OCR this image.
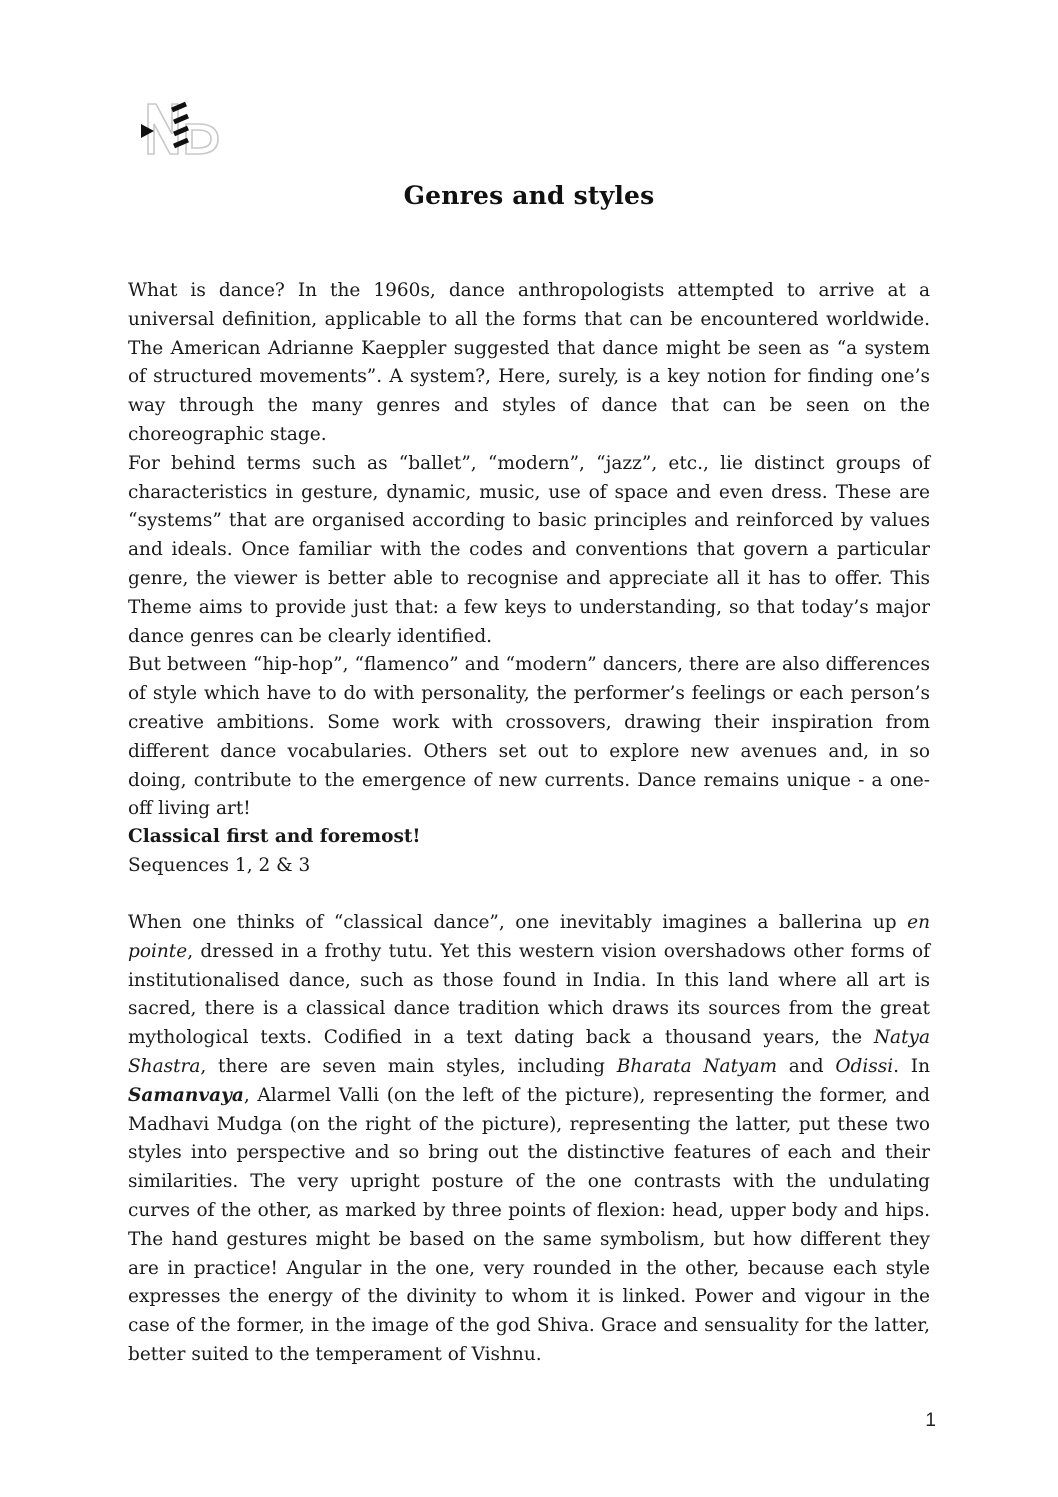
Genres and styles

What is dance? In the 1960s, dance anthropologists attempted to arrive at a universal definition, applicable to all the forms that can be encountered worldwide. The American Adrianne Kaeppler suggested that dance might be seen as “a system of structured movements”. A system?, Here, surely, is a key notion for finding one’s way through the many genres and styles of dance that can be seen on the choreographic stage.

For behind terms such as “ballet”, “modern”, “jazz”, etc., lie distinct groups of characteristics in gesture, dynamic, music, use of space and even dress. These are “systems” that are organised according to basic principles and reinforced by values and ideals. Once familiar with the codes and conventions that govern a particular genre, the viewer is better able to recognise and appreciate all it has to offer. This Theme aims to provide just that: a few keys to understanding, so that today’s major dance genres can be clearly identified.

But between “hip-hop”, “flamenco” and “modern” dancers, there are also differences of style which have to do with personality, the performer’s feelings or each person’s creative ambitions. Some work with crossovers, drawing their inspiration from different dance vocabularies. Others set out to explore new avenues and, in so doing, contribute to the emergence of new currents. Dance remains unique - a one-off living art!

Classical first and foremost!

Sequences 1, 2 & 3

When one thinks of “classical dance”, one inevitably imagines a ballerina up en pointe, dressed in a frothy tutu. Yet this western vision overshadows other forms of institutionalised dance, such as those found in India. In this land where all art is sacred, there is a classical dance tradition which draws its sources from the great mythological texts. Codified in a text dating back a thousand years, the Natya Shastra, there are seven main styles, including Bharata Natyam and Odissi. In Samanvaya, Alarmel Valli (on the left of the picture), representing the former, and Madhavi Mudga (on the right of the picture), representing the latter, put these two styles into perspective and so bring out the distinctive features of each and their similarities. The very upright posture of the one contrasts with the undulating curves of the other, as marked by three points of flexion: head, upper body and hips. The hand gestures might be based on the same symbolism, but how different they are in practice! Angular in the one, very rounded in the other, because each style expresses the energy of the divinity to whom it is linked. Power and vigour in the case of the former, in the image of the god Shiva. Grace and sensuality for the latter, better suited to the temperament of Vishnu.

1
